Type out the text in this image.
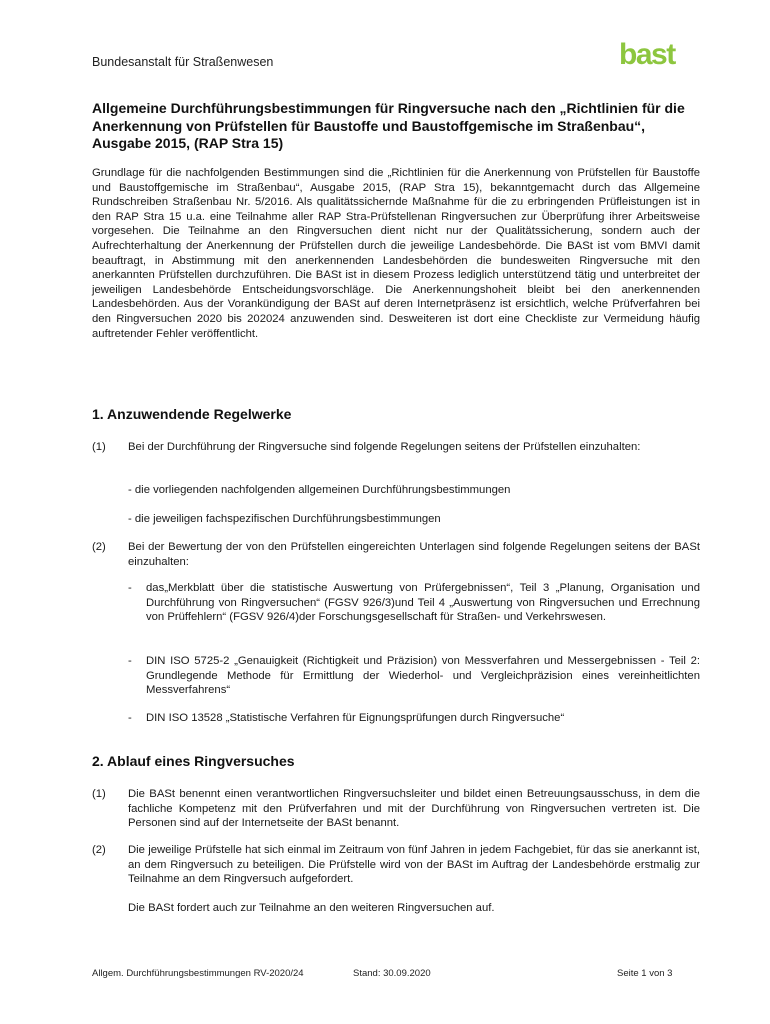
Bundesanstalt für Straßenwesen	bast
Allgemeine Durchführungsbestimmungen für Ringversuche nach den „Richtlinien für die Anerkennung von Prüfstellen für Baustoffe und Baustoffgemische im Straßenbau“, Ausgabe 2015, (RAP Stra 15)
Grundlage für die nachfolgenden Bestimmungen sind die „Richtlinien für die Anerkennung von Prüfstellen für Baustoffe und Baustoffgemische im Straßenbau“, Ausgabe 2015, (RAP Stra 15), bekanntgemacht durch das Allgemeine Rundschreiben Straßenbau Nr. 5/2016. Als qualitätssichernde Maßnahme für die zu erbringenden Prüfleistungen ist in den RAP Stra 15 u.a. eine Teilnahme aller RAP Stra-Prüfstellenan Ringversuchen zur Überprüfung ihrer Arbeitsweise vorgesehen. Die Teilnahme an den Ringversuchen dient nicht nur der Qualitätssicherung, sondern auch der Aufrechterhaltung der Anerkennung der Prüfstellen durch die jeweilige Landesbehörde. Die BASt ist vom BMVI damit beauftragt, in Abstimmung mit den anerkennenden Landesbehörden die bundesweiten Ringversuche mit den anerkannten Prüfstellen durchzuführen. Die BASt ist in diesem Prozess lediglich unterstützend tätig und unterbreitet der jeweiligen Landesbehörde Entscheidungsvorschläge. Die Anerkennungshoheit bleibt bei den anerkennenden Landesbehörden. Aus der Vorankündigung der BASt auf deren Internetpräsenz ist ersichtlich, welche Prüfverfahren bei den Ringversuchen 2020 bis 202024 anzuwenden sind. Desweiteren ist dort eine Checkliste zur Vermeidung häufig auftretender Fehler veröffentlicht.
1. Anzuwendende Regelwerke
(1) Bei der Durchführung der Ringversuche sind folgende Regelungen seitens der Prüfstellen einzuhalten:
- die vorliegenden nachfolgenden allgemeinen Durchführungsbestimmungen
- die jeweiligen fachspezifischen Durchführungsbestimmungen
(2) Bei der Bewertung der von den Prüfstellen eingereichten Unterlagen sind folgende Regelungen seitens der BASt einzuhalten:
- das„Merkblatt über die statistische Auswertung von Prüfergebnissen“, Teil 3 „Planung, Organisation und Durchführung von Ringversuchen“ (FGSV 926/3)und Teil 4 „Auswertung von Ringversuchen und Errechnung von Prüffehlern“ (FGSV 926/4)der Forschungsgesellschaft für Straßen- und Verkehrswesen.
- DIN ISO 5725-2 „Genauigkeit (Richtigkeit und Präzision) von Messverfahren und Messergebnissen - Teil 2: Grundlegende Methode für Ermittlung der Wiederhol- und Vergleichpräzision eines vereinheitlichten Messverfahrens“
- DIN ISO 13528 „Statistische Verfahren für Eignungsprüfungen durch Ringversuche“
2. Ablauf eines Ringversuches
(1) Die BASt benennt einen verantwortlichen Ringversuchsleiter und bildet einen Betreuungsausschuss, in dem die fachliche Kompetenz mit den Prüfverfahren und mit der Durchführung von Ringversuchen vertreten ist. Die Personen sind auf der Internetseite der BASt benannt.
(2) Die jeweilige Prüfstelle hat sich einmal im Zeitraum von fünf Jahren in jedem Fachgebiet, für das sie anerkannt ist, an dem Ringversuch zu beteiligen. Die Prüfstelle wird von der BASt im Auftrag der Landesbehörde erstmalig zur Teilnahme an dem Ringversuch aufgefordert.
Die BASt fordert auch zur Teilnahme an den weiteren Ringversuchen auf.
Allgem. Durchführungsbestimmungen RV-2020/24	Stand: 30.09.2020	Seite 1 von 3
